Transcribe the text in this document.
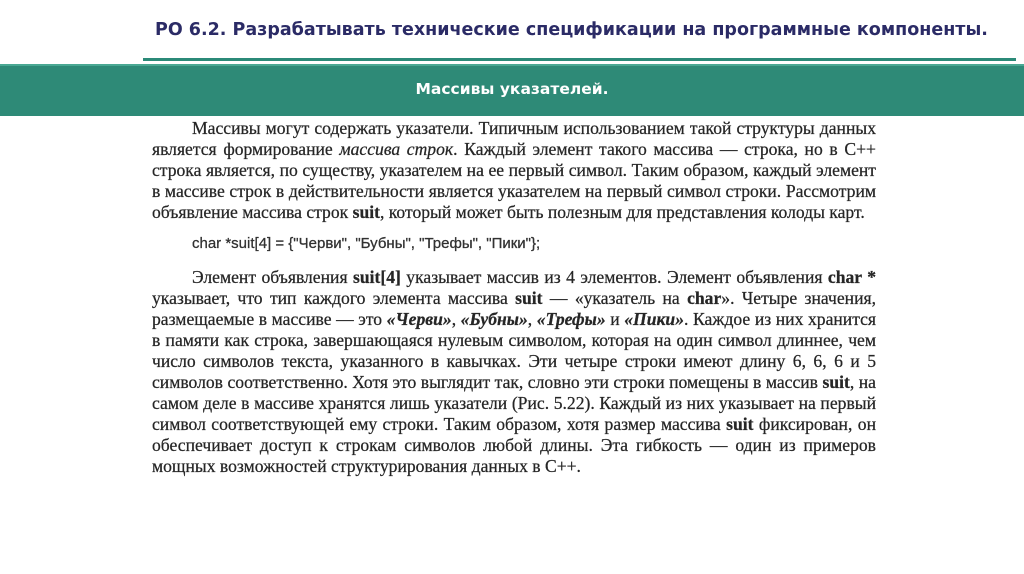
РО 6.2. Разрабатывать технические спецификации на программные компоненты.
Массивы указателей.

Массивы могут содержать указатели. Типичным использованием такой структуры данных является формирование массива строк. Каждый элемент такого массива — строка, но в C++ строка является, по существу, указателем на ее первый символ. Таким образом, каждый элемент в массиве строк в действительности является указателем на первый символ строки. Рассмотрим объявление массива строк suit, который может быть полезным для представления колоды карт.

char *suit[4] = {"Черви", "Бубны", "Трефы", "Пики"};

Элемент объявления suit[4] указывает массив из 4 элементов. Элемент объявления char * указывает, что тип каждого элемента массива suit — «указатель на char». Четыре значения, размещаемые в массиве — это «Черви», «Бубны», «Трефы» и «Пики». Каждое из них хранится в памяти как строка, завершающаяся нулевым символом, которая на один символ длиннее, чем число символов текста, указанного в кавычках. Эти четыре строки имеют длину 6, 6, 6 и 5 символов соответственно. Хотя это выглядит так, словно эти строки помещены в массив suit, на самом деле в массиве хранятся лишь указатели (Рис. 5.22). Каждый из них указывает на первый символ соответствующей ему строки. Таким образом, хотя размер массива suit фиксирован, он обеспечивает доступ к строкам символов любой длины. Эта гибкость — один из примеров мощных возможностей структурирования данных в C++.
